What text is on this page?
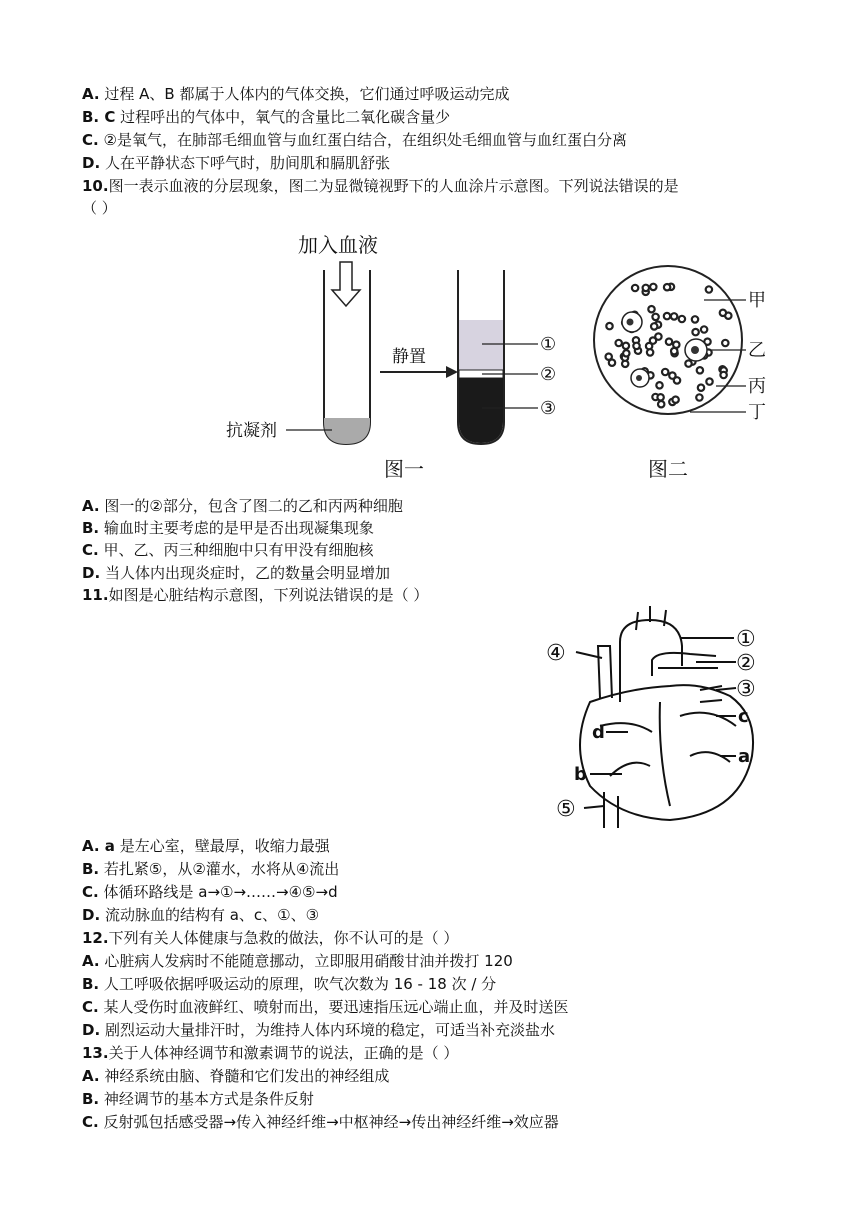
A. 过程 A、B 都属于人体内的气体交换，它们通过呼吸运动完成
B. C 过程呼出的气体中，氧气的含量比二氧化碳含量少
C. ②是氧气，在肺部毛细血管与血红蛋白结合，在组织处毛细血管与血红蛋白分离
D. 人在平静状态下呼气时，肋间肌和膈肌舒张
10.图一表示血液的分层现象，图二为显微镜视野下的人血涂片示意图。下列说法错误的是
（ ）
加入血液
抗凝剂
静置
①
②
③
图一
甲
乙
丙
丁
图二
A. 图一的②部分，包含了图二的乙和丙两种细胞
B. 输血时主要考虑的是甲是否出现凝集现象
C. 甲、乙、丙三种细胞中只有甲没有细胞核
D. 当人体内出现炎症时，乙的数量会明显增加
11.如图是心脏结构示意图，下列说法错误的是（ ）
①
②
③
④
⑤
c
a
d
b
A. a 是左心室，壁最厚，收缩力最强
B. 若扎紧⑤，从②灌水，水将从④流出
C. 体循环路线是 a→①→……→④⑤→d
D. 流动脉血的结构有 a、c、①、③
12.下列有关人体健康与急救的做法，你不认可的是（ ）
A. 心脏病人发病时不能随意挪动，立即服用硝酸甘油并拨打 120
B. 人工呼吸依据呼吸运动的原理，吹气次数为 16 - 18 次 / 分
C. 某人受伤时血液鲜红、喷射而出，要迅速指压远心端止血，并及时送医
D. 剧烈运动大量排汗时，为维持人体内环境的稳定，可适当补充淡盐水
13.关于人体神经调节和激素调节的说法，正确的是（ ）
A. 神经系统由脑、脊髓和它们发出的神经组成
B. 神经调节的基本方式是条件反射
C. 反射弧包括感受器→传入神经纤维→中枢神经→传出神经纤维→效应器
